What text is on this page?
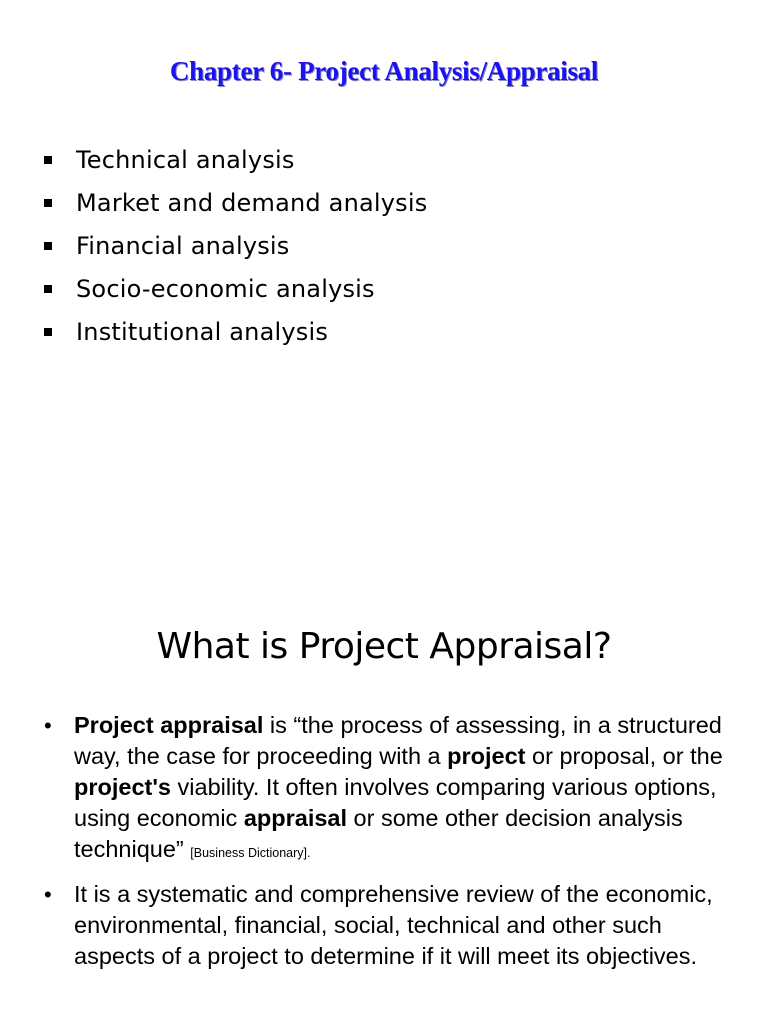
Chapter 6- Project Analysis/Appraisal
Technical analysis
Market and demand analysis
Financial analysis
Socio-economic analysis
Institutional analysis
What is Project Appraisal?
• Project appraisal is “the process of assessing, in a structured way, the case for proceeding with a project or proposal, or the project's viability. It often involves comparing various options, using economic appraisal or some other decision analysis technique” [Business Dictionary].
• It is a systematic and comprehensive review of the economic, environmental, financial, social, technical and other such aspects of a project to determine if it will meet its objectives.
